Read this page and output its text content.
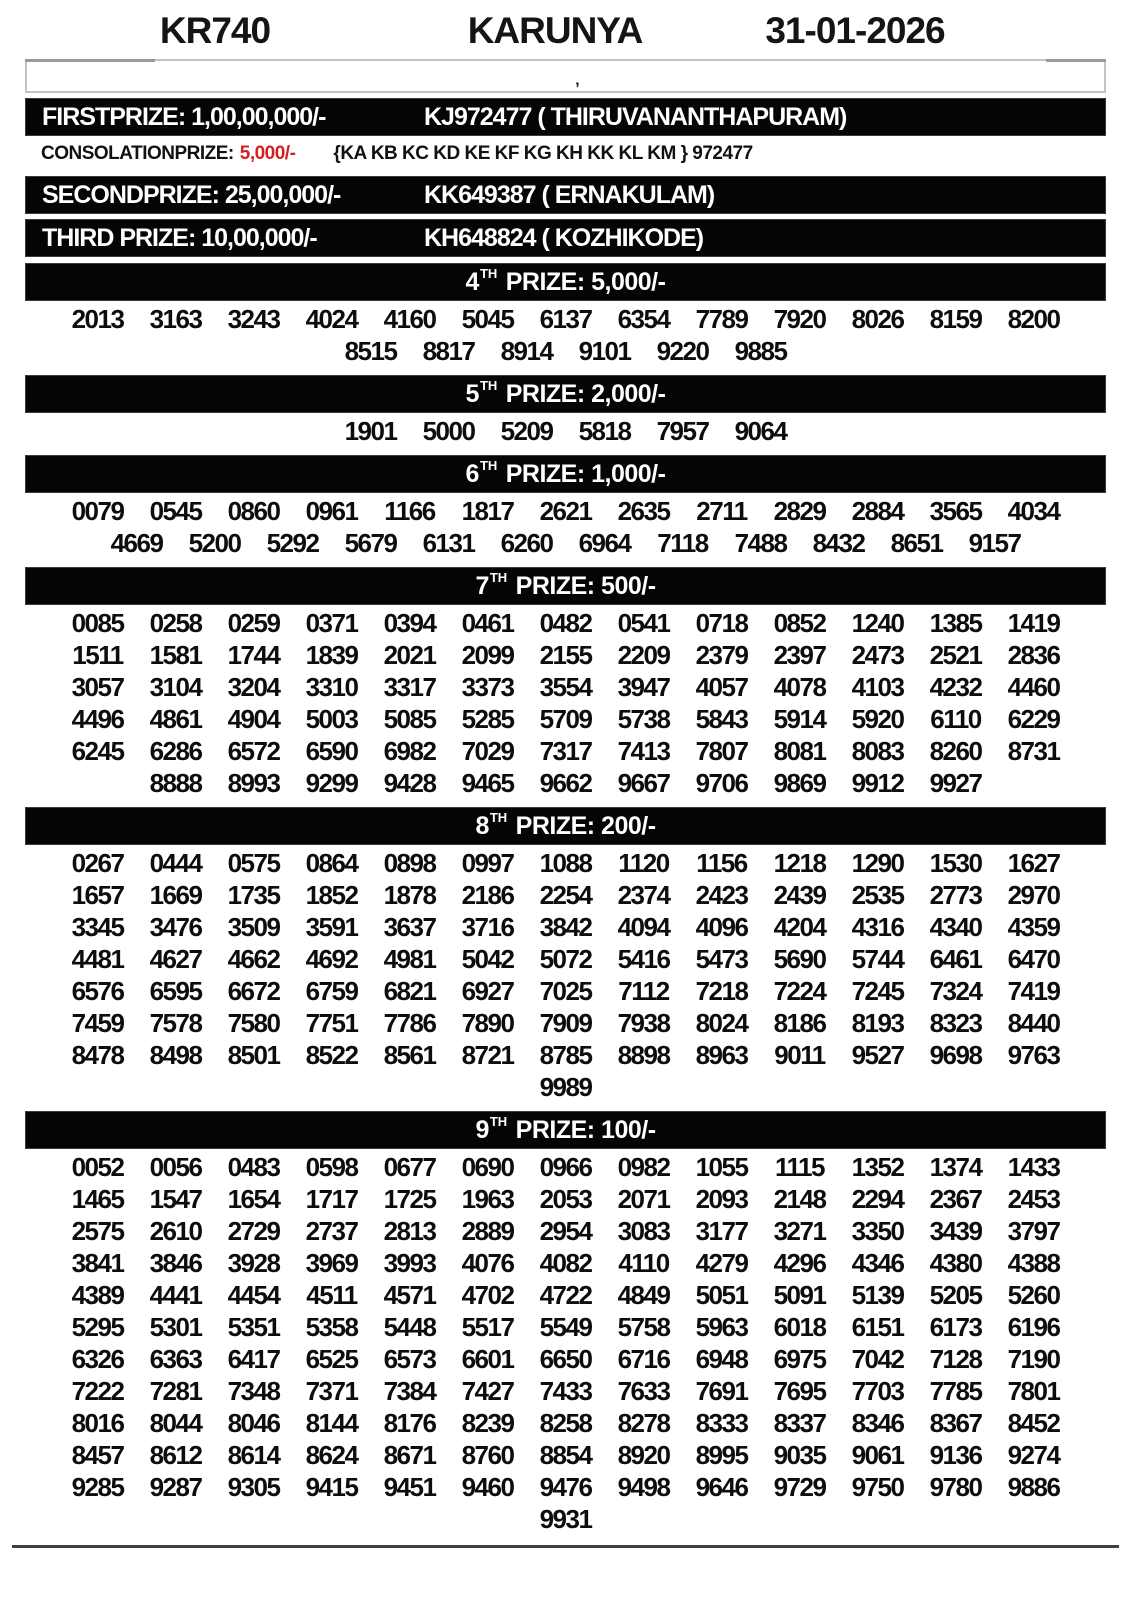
KR740	KARUNYA	31-01-2026
’
FIRSTPRIZE: 1,00,00,000/-	KJ972477 ( THIRUVANANTHAPURAM)
CONSOLATIONPRIZE: 5,000/- {KA KB KC KD KE KF KG KH KK KL KM } 972477
SECONDPRIZE: 25,00,000/-	KK649387 ( ERNAKULAM)
THIRD PRIZE: 10,00,000/-	KH648824 ( KOZHIKODE)
4 TH PRIZE: 5,000/-
2013	3163	3243	4024	4160	5045	6137	6354	7789	7920	8026	8159	8200
8515	8817	8914	9101	9220	9885
5 TH PRIZE: 2,000/-
1901	5000	5209	5818	7957	9064
6 TH PRIZE: 1,000/-
0079	0545	0860	0961	1166	1817	2621	2635	2711	2829	2884	3565	4034
4669	5200	5292	5679	6131	6260	6964	7118	7488	8432	8651	9157
7 TH PRIZE: 500/-
0085	0258	0259	0371	0394	0461	0482	0541	0718	0852	1240	1385	1419
1511	1581	1744	1839	2021	2099	2155	2209	2379	2397	2473	2521	2836
3057	3104	3204	3310	3317	3373	3554	3947	4057	4078	4103	4232	4460
4496	4861	4904	5003	5085	5285	5709	5738	5843	5914	5920	6110	6229
6245	6286	6572	6590	6982	7029	7317	7413	7807	8081	8083	8260	8731
8888	8993	9299	9428	9465	9662	9667	9706	9869	9912	9927
8 TH PRIZE: 200/-
0267	0444	0575	0864	0898	0997	1088	1120	1156	1218	1290	1530	1627
1657	1669	1735	1852	1878	2186	2254	2374	2423	2439	2535	2773	2970
3345	3476	3509	3591	3637	3716	3842	4094	4096	4204	4316	4340	4359
4481	4627	4662	4692	4981	5042	5072	5416	5473	5690	5744	6461	6470
6576	6595	6672	6759	6821	6927	7025	7112	7218	7224	7245	7324	7419
7459	7578	7580	7751	7786	7890	7909	7938	8024	8186	8193	8323	8440
8478	8498	8501	8522	8561	8721	8785	8898	8963	9011	9527	9698	9763
9989
9 TH PRIZE: 100/-
0052	0056	0483	0598	0677	0690	0966	0982	1055	1115	1352	1374	1433
1465	1547	1654	1717	1725	1963	2053	2071	2093	2148	2294	2367	2453
2575	2610	2729	2737	2813	2889	2954	3083	3177	3271	3350	3439	3797
3841	3846	3928	3969	3993	4076	4082	4110	4279	4296	4346	4380	4388
4389	4441	4454	4511	4571	4702	4722	4849	5051	5091	5139	5205	5260
5295	5301	5351	5358	5448	5517	5549	5758	5963	6018	6151	6173	6196
6326	6363	6417	6525	6573	6601	6650	6716	6948	6975	7042	7128	7190
7222	7281	7348	7371	7384	7427	7433	7633	7691	7695	7703	7785	7801
8016	8044	8046	8144	8176	8239	8258	8278	8333	8337	8346	8367	8452
8457	8612	8614	8624	8671	8760	8854	8920	8995	9035	9061	9136	9274
9285	9287	9305	9415	9451	9460	9476	9498	9646	9729	9750	9780	9886
9931
